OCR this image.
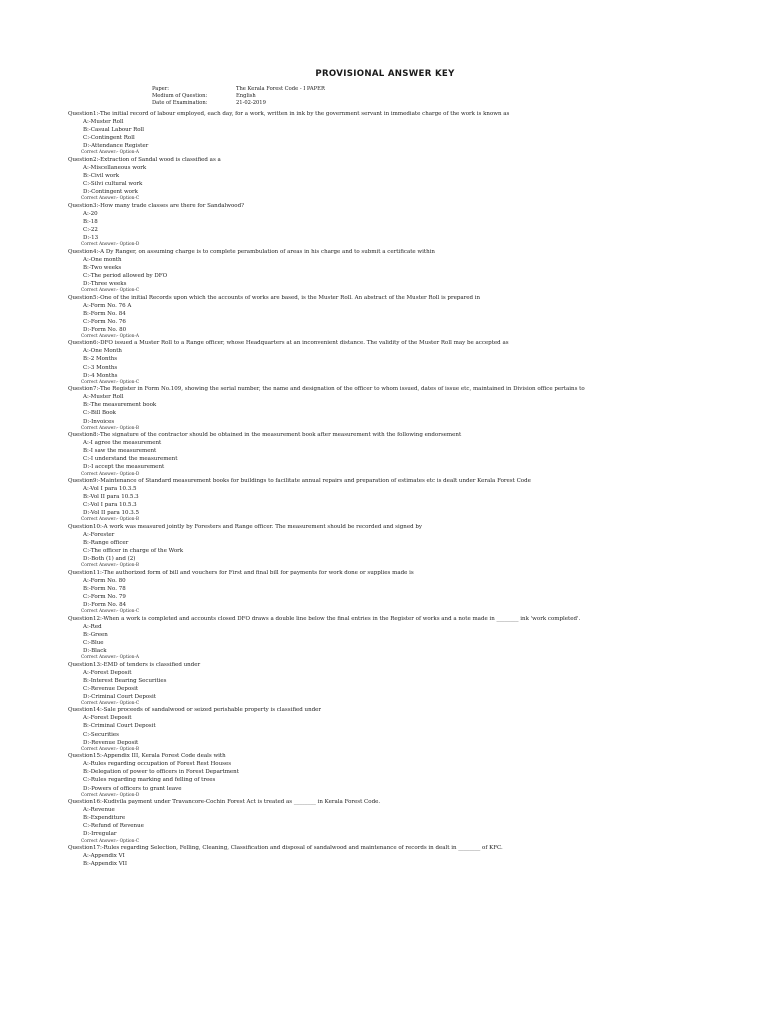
PROVISIONAL ANSWER KEY
Paper:	The Kerala Forest Code - I PAPER
Medium of Question:	English
Date of Examination:	21-02-2019
Question1:-The initial record of labour employed, each day, for a work, written in ink by the government servant in immediate charge of the work is known as
A:-Muster Roll
B:-Casual Labour Roll
C:-Contingent Roll
D:-Attendance Register
Correct Answer:- Option-A
Question2:-Extraction of Sandal wood is classified as a
A:-Miscellaneous work
B:-Civil work
C:-Silvi cultural work
D:-Contingent work
Correct Answer:- Option-C
Question3:-How many trade classes are there for Sandalwood?
A:-20
B:-18
C:-22
D:-13
Correct Answer:- Option-D
Question4:-A Dy Ranger, on assuming charge is to complete perambulation of areas in his charge and to submit a certificate within
A:-One month
B:-Two weeks
C:-The period allowed by DFO
D:-Three weeks
Correct Answer:- Option-C
Question5:-One of the initial Records upon which the accounts of works are based, is the Muster Roll. An abstract of the Muster Roll is prepared in
A:-Form No. 76 A
B:-Form No. 84
C:-Form No. 76
D:-Form No. 80
Correct Answer:- Option-A
Question6:-DFO issued a Muster Roll to a Range officer, whose Headquarters at an inconvenient distance. The validity of the Muster Roll may be accepted as
A:-One Month
B:-2 Months
C:-3 Months
D:-4 Months
Correct Answer:- Option-C
Question7:-The Register in Form No.109, showing the serial number, the name and designation of the officer to whom issued, dates of issue etc, maintained in Division office pertains to
A:-Muster Roll
B:-The measurement book
C:-Bill Book
D:-Invoices
Correct Answer:- Option-B
Question8:-The signature of the contractor should be obtained in the measurement book after measurement with the following endorsement
A:-I agree the measurement
B:-I saw the measurement
C:-I understand the measurement
D:-I accept the measurement
Correct Answer:- Option-D
Question9:-Maintenance of Standard measurement books for buildings to facilitate annual repairs and preparation of estimates etc is dealt under Kerala Forest Code
A:-Vol I para 10.3.5
B:-Vol II para 10.5.3
C:-Vol I para 10.5.3
D:-Vol II para 10.3.5
Correct Answer:- Option-B
Question10:-A work was measured jointly by Foresters and Range officer. The measurement should be recorded and signed by
A:-Forester
B:-Range officer
C:-The officer in charge of the Work
D:-Both (1) and (2)
Correct Answer:- Option-B
Question11:-The authorized form of bill and vouchers for First and final bill for payments for work done or supplies made is
A:-Form No. 80
B:-Form No. 78
C:-Form No. 79
D:-Form No. 84
Correct Answer:- Option-C
Question12:-When a work is completed and accounts closed DFO draws a double line below the final entries in the Register of works and a note made in ________ ink 'work completed'.
A:-Red
B:-Green
C:-Blue
D:-Black
Correct Answer:- Option-A
Question13:-EMD of tenders is classified under
A:-Forest Deposit
B:-Interest Bearing Securities
C:-Revenue Deposit
D:-Criminal Court Deposit
Correct Answer:- Option-C
Question14:-Sale proceeds of sandalwood or seized perishable property is classified under
A:-Forest Deposit
B:-Criminal Court Deposit
C:-Securities
D:-Revenue Deposit
Correct Answer:- Option-B
Question15:-Appendix III, Kerala Forest Code deals with
A:-Rules regarding occupation of Forest Rest Houses
B:-Delegation of power to officers in Forest Department
C:-Rules regarding marking and felling of trees
D:-Powers of officers to grant leave
Correct Answer:- Option-D
Question16:-Kudivila payment under Travancore-Cochin Forest Act is treated as ________ in Kerala Forest Code.
A:-Revenue
B:-Expenditure
C:-Refund of Revenue
D:-Irregular
Correct Answer:- Option-C
Question17:-Rules regarding Selection, Felling, Cleaning, Classification and disposal of sandalwood and maintenance of records in dealt in ________ of KFC.
A:-Appendix VI
B:-Appendix VII
